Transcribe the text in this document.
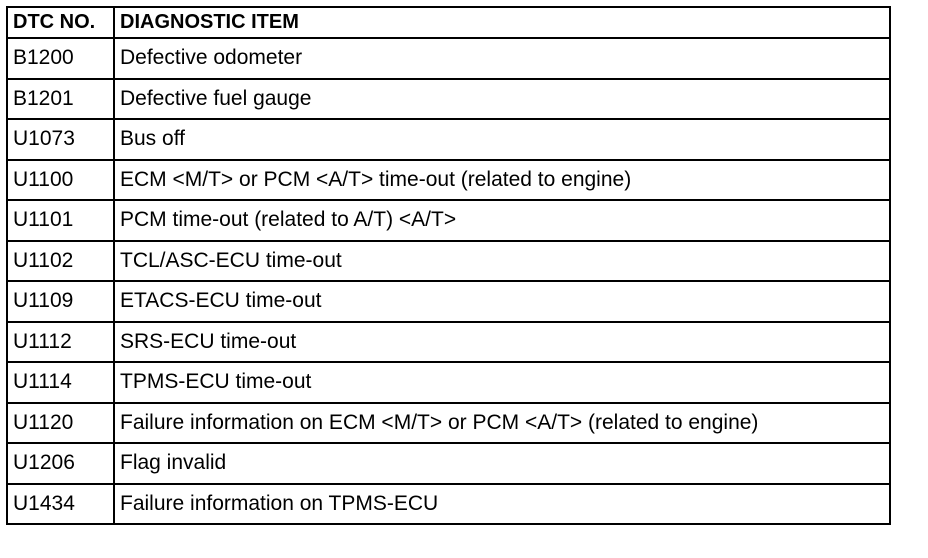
DTC NO.	DIAGNOSTIC ITEM
B1200	Defective odometer
B1201	Defective fuel gauge
U1073	Bus off
U1100	ECM <M/T> or PCM <A/T> time-out (related to engine)
U1101	PCM time-out (related to A/T) <A/T>
U1102	TCL/ASC-ECU time-out
U1109	ETACS-ECU time-out
U1112	SRS-ECU time-out
U1114	TPMS-ECU time-out
U1120	Failure information on ECM <M/T> or PCM <A/T> (related to engine)
U1206	Flag invalid
U1434	Failure information on TPMS-ECU
